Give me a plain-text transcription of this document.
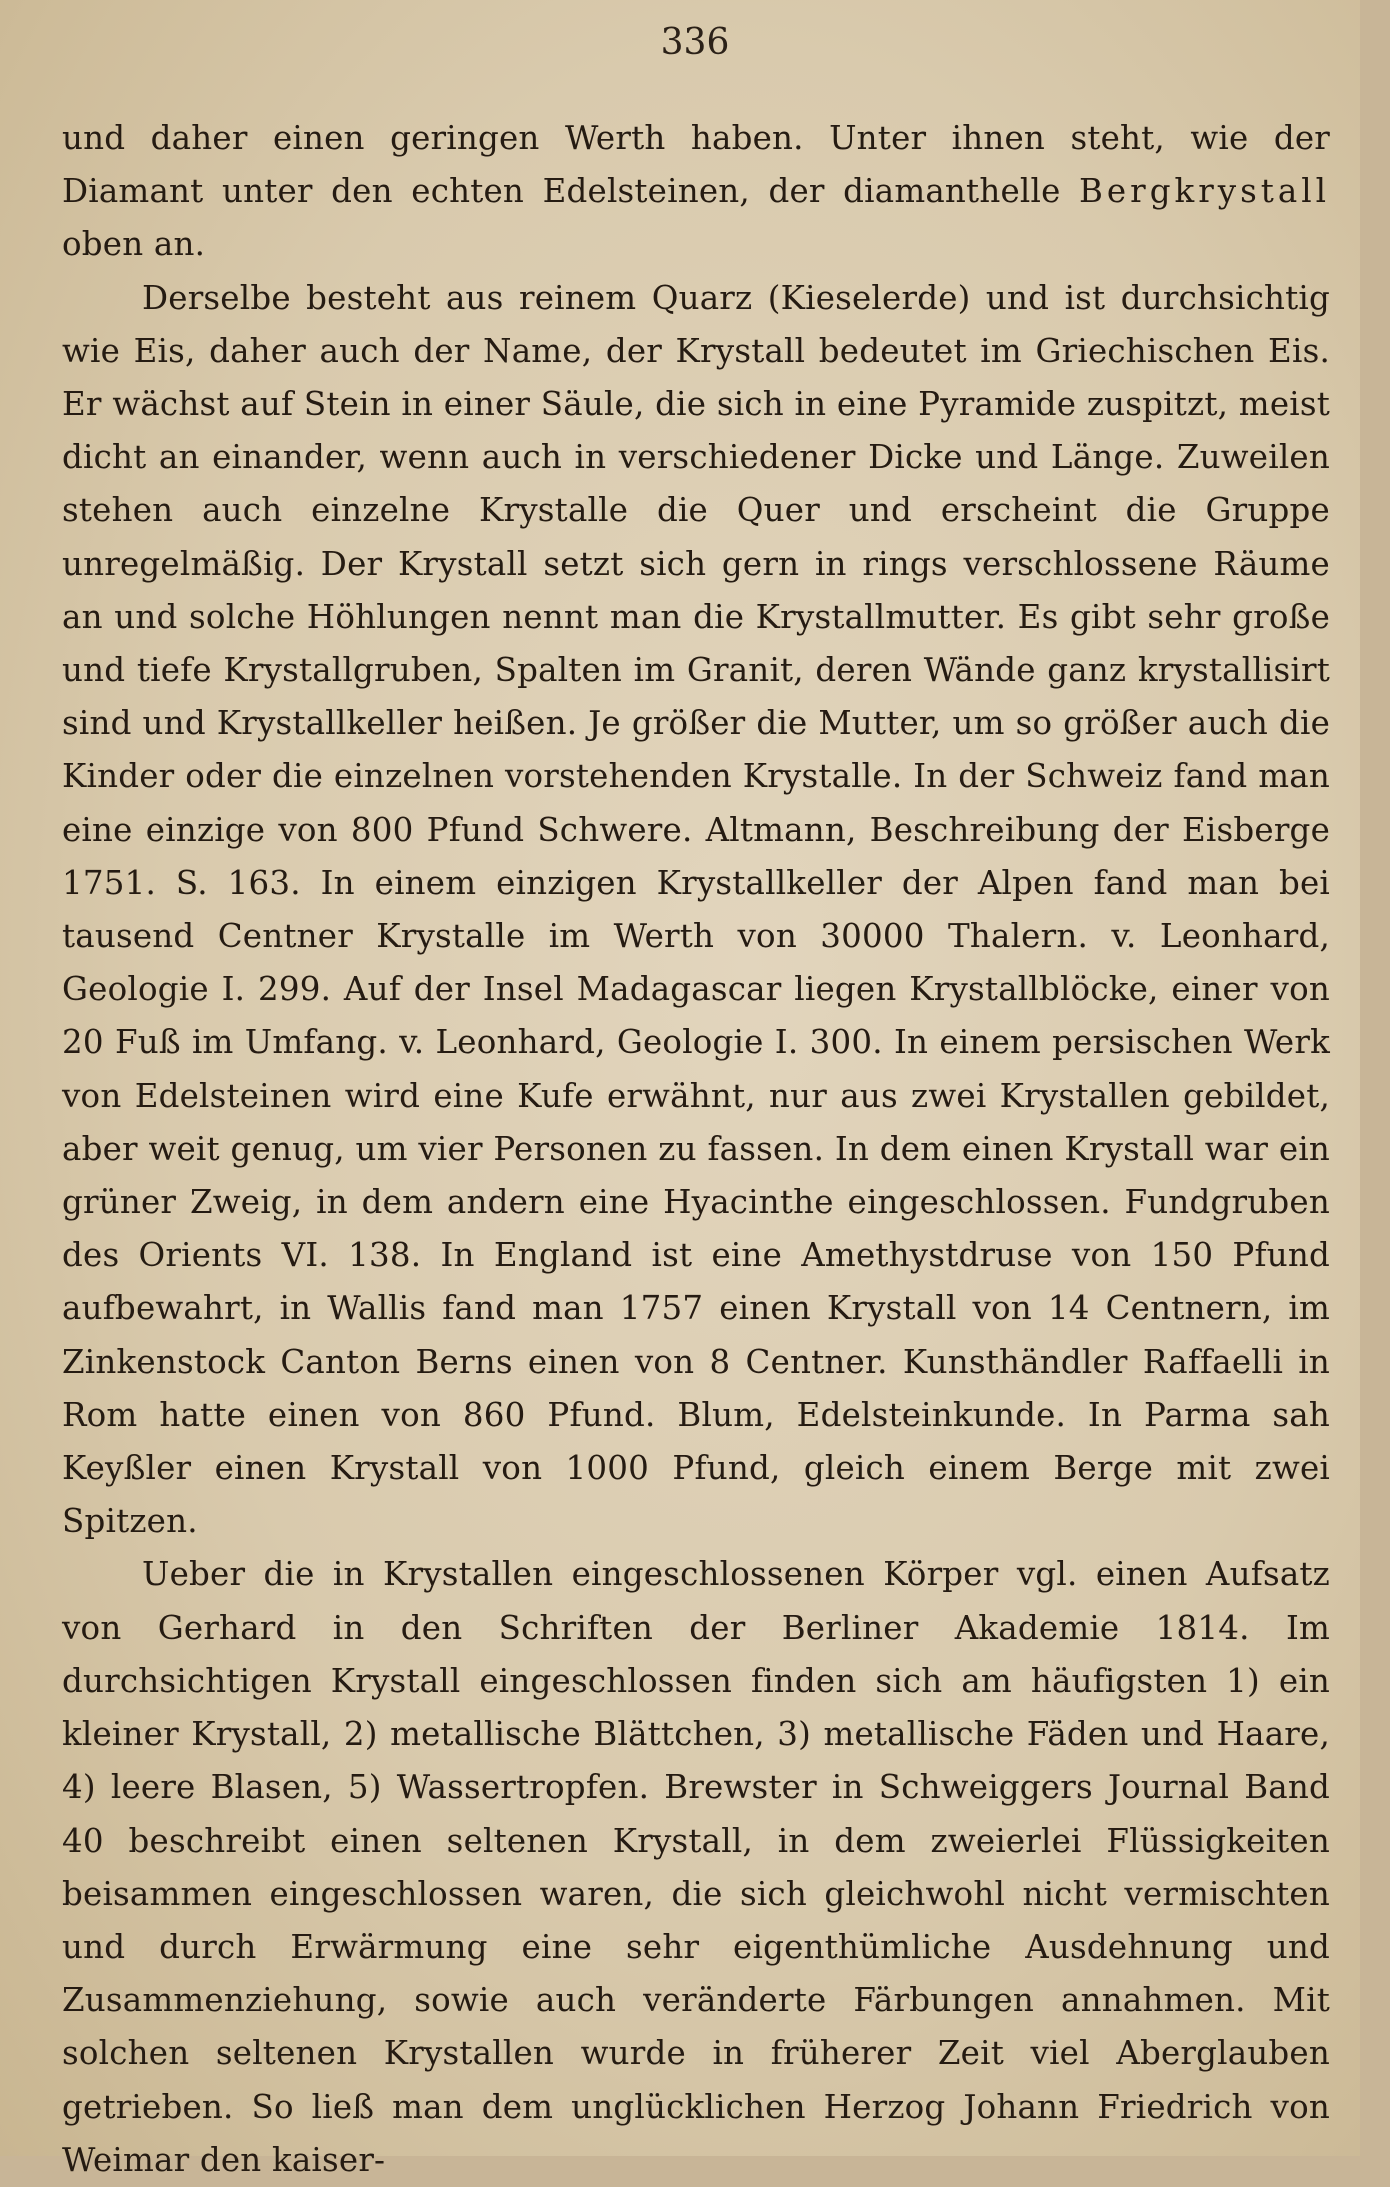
336

und daher einen geringen Werth haben. Unter ihnen steht, wie der Diamant unter den echten Edelsteinen, der diamanthelle Bergkrystall oben an.

Derselbe besteht aus reinem Quarz (Kieselerde) und ist durchsichtig wie Eis, daher auch der Name, der Krystall bedeutet im Griechischen Eis. Er wächst auf Stein in einer Säule, die sich in eine Pyramide zuspitzt, meist dicht an einander, wenn auch in verschiedener Dicke und Länge. Zuweilen stehen auch einzelne Krystalle die Quer und erscheint die Gruppe unregelmäßig. Der Krystall setzt sich gern in rings verschlossene Räume an und solche Höhlungen nennt man die Krystallmutter. Es gibt sehr große und tiefe Krystallgruben, Spalten im Granit, deren Wände ganz krystallisirt sind und Krystallkeller heißen. Je größer die Mutter, um so größer auch die Kinder oder die einzelnen vorstehenden Krystalle. In der Schweiz fand man eine einzige von 800 Pfund Schwere. Altmann, Beschreibung der Eisberge 1751. S. 163. In einem einzigen Krystallkeller der Alpen fand man bei tausend Centner Krystalle im Werth von 30000 Thalern. v. Leonhard, Geologie I. 299. Auf der Insel Madagascar liegen Krystallblöcke, einer von 20 Fuß im Umfang. v. Leonhard, Geologie I. 300. In einem persischen Werk von Edelsteinen wird eine Kufe erwähnt, nur aus zwei Krystallen gebildet, aber weit genug, um vier Personen zu fassen. In dem einen Krystall war ein grüner Zweig, in dem andern eine Hyacinthe eingeschlossen. Fundgruben des Orients VI. 138. In England ist eine Amethystdruse von 150 Pfund aufbewahrt, in Wallis fand man 1757 einen Krystall von 14 Centnern, im Zinkenstock Canton Berns einen von 8 Centner. Kunsthändler Raffaelli in Rom hatte einen von 860 Pfund. Blum, Edelsteinkunde. In Parma sah Keyßler einen Krystall von 1000 Pfund, gleich einem Berge mit zwei Spitzen.

Ueber die in Krystallen eingeschlossenen Körper vgl. einen Aufsatz von Gerhard in den Schriften der Berliner Akademie 1814. Im durchsichtigen Krystall eingeschlossen finden sich am häufigsten 1) ein kleiner Krystall, 2) metallische Blättchen, 3) metallische Fäden und Haare, 4) leere Blasen, 5) Wassertropfen. Brewster in Schweiggers Journal Band 40 beschreibt einen seltenen Krystall, in dem zweierlei Flüssigkeiten beisammen eingeschlossen waren, die sich gleichwohl nicht vermischten und durch Erwärmung eine sehr eigenthümliche Ausdehnung und Zusammenziehung, sowie auch veränderte Färbungen annahmen. Mit solchen seltenen Krystallen wurde in früherer Zeit viel Aberglauben getrieben. So ließ man dem unglücklichen Herzog Johann Friedrich von Weimar den kaiser-
